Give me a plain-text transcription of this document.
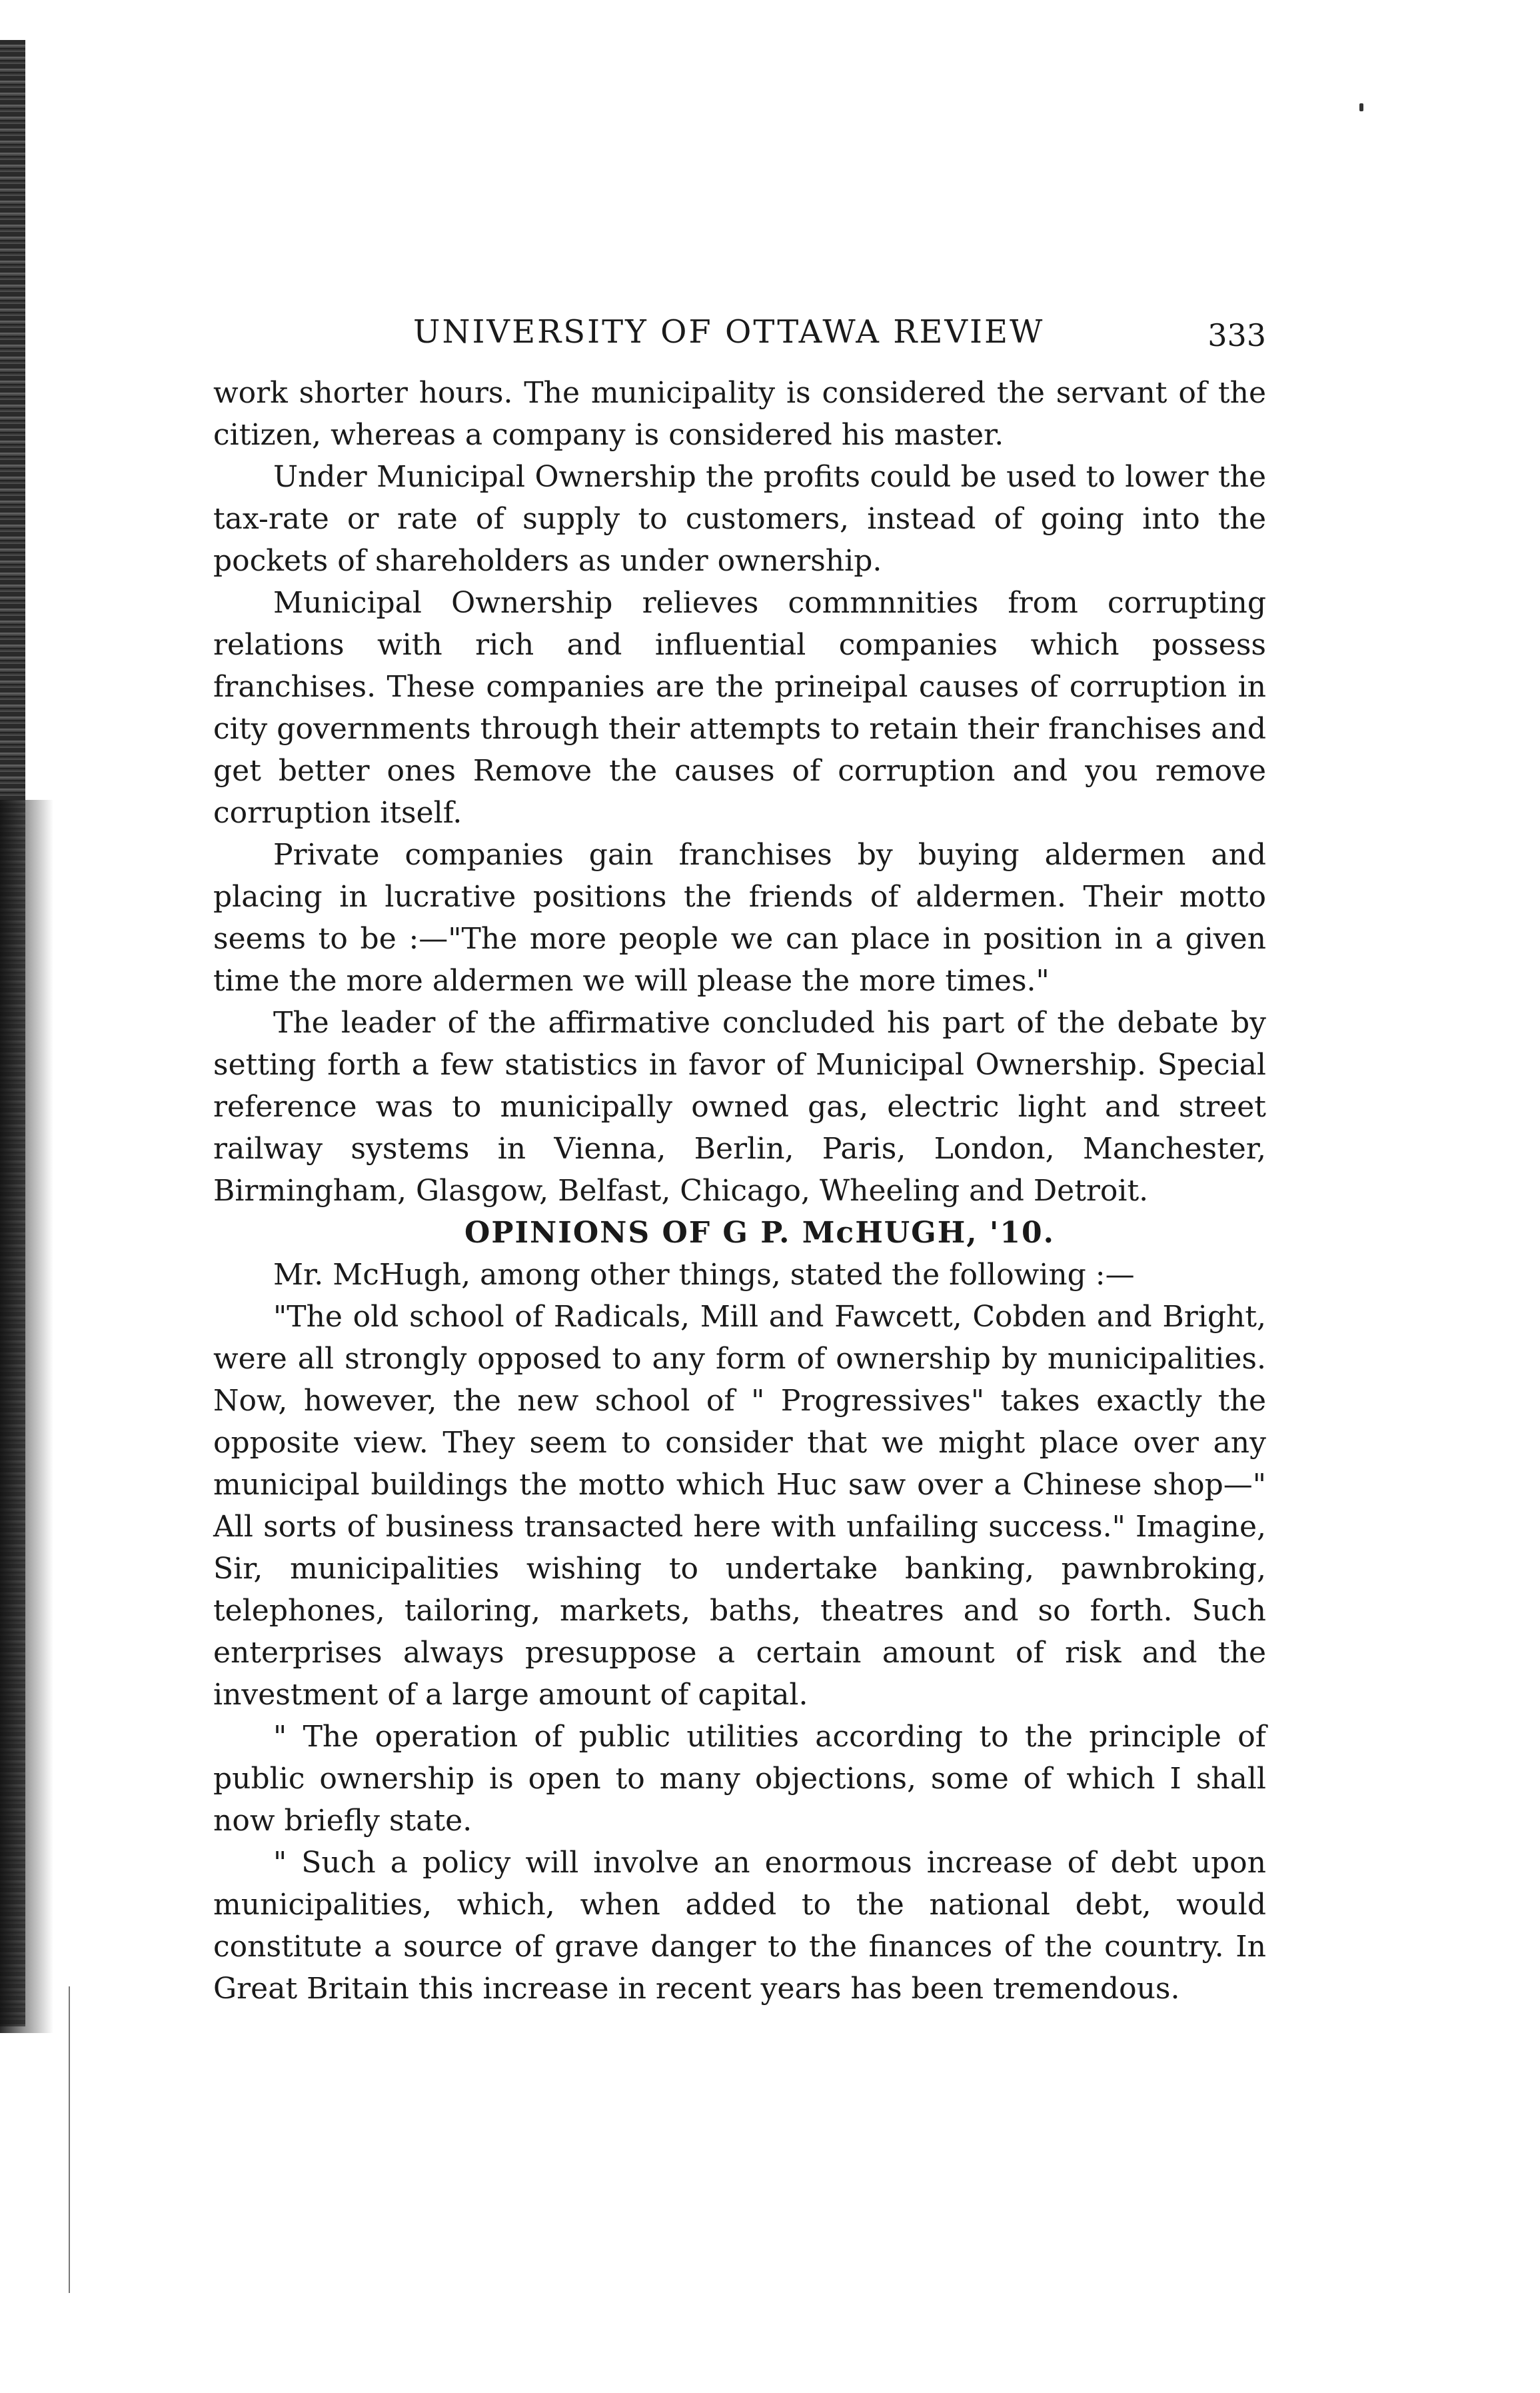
UNIVERSITY OF OTTAWA REVIEW	333

work shorter hours. The municipality is considered the servant of the citizen, whereas a company is considered his master.

Under Municipal Ownership the profits could be used to lower the tax-rate or rate of supply to customers, instead of going into the pockets of shareholders as under ownership.

Municipal Ownership relieves commnnities from corrupting relations with rich and influential companies which possess franchises. These companies are the prineipal causes of corruption in city governments through their attempts to retain their franchises and get better ones Remove the causes of corruption and you remove corruption itself.

Private companies gain franchises by buying aldermen and placing in lucrative positions the friends of aldermen. Their motto seems to be :—"The more people we can place in position in a given time the more aldermen we will please the more times."

The leader of the affirmative concluded his part of the debate by setting forth a few statistics in favor of Municipal Ownership. Special reference was to municipally owned gas, electric light and street railway systems in Vienna, Berlin, Paris, London, Manchester, Birmingham, Glasgow, Belfast, Chicago, Wheeling and Detroit.

OPINIONS OF G P. McHUGH, '10.

Mr. McHugh, among other things, stated the following :—

"The old school of Radicals, Mill and Fawcett, Cobden and Bright, were all strongly opposed to any form of ownership by municipalities. Now, however, the new school of " Progressives" takes exactly the opposite view. They seem to consider that we might place over any municipal buildings the motto which Huc saw over a Chinese shop—" All sorts of business transacted here with unfailing success." Imagine, Sir, municipalities wishing to undertake banking, pawnbroking, telephones, tailoring, markets, baths, theatres and so forth. Such enterprises always presuppose a certain amount of risk and the investment of a large amount of capital.

" The operation of public utilities according to the principle of public ownership is open to many objections, some of which I shall now briefly state.

" Such a policy will involve an enormous increase of debt upon municipalities, which, when added to the national debt, would constitute a source of grave danger to the finances of the country. In Great Britain this increase in recent years has been tremendous.
